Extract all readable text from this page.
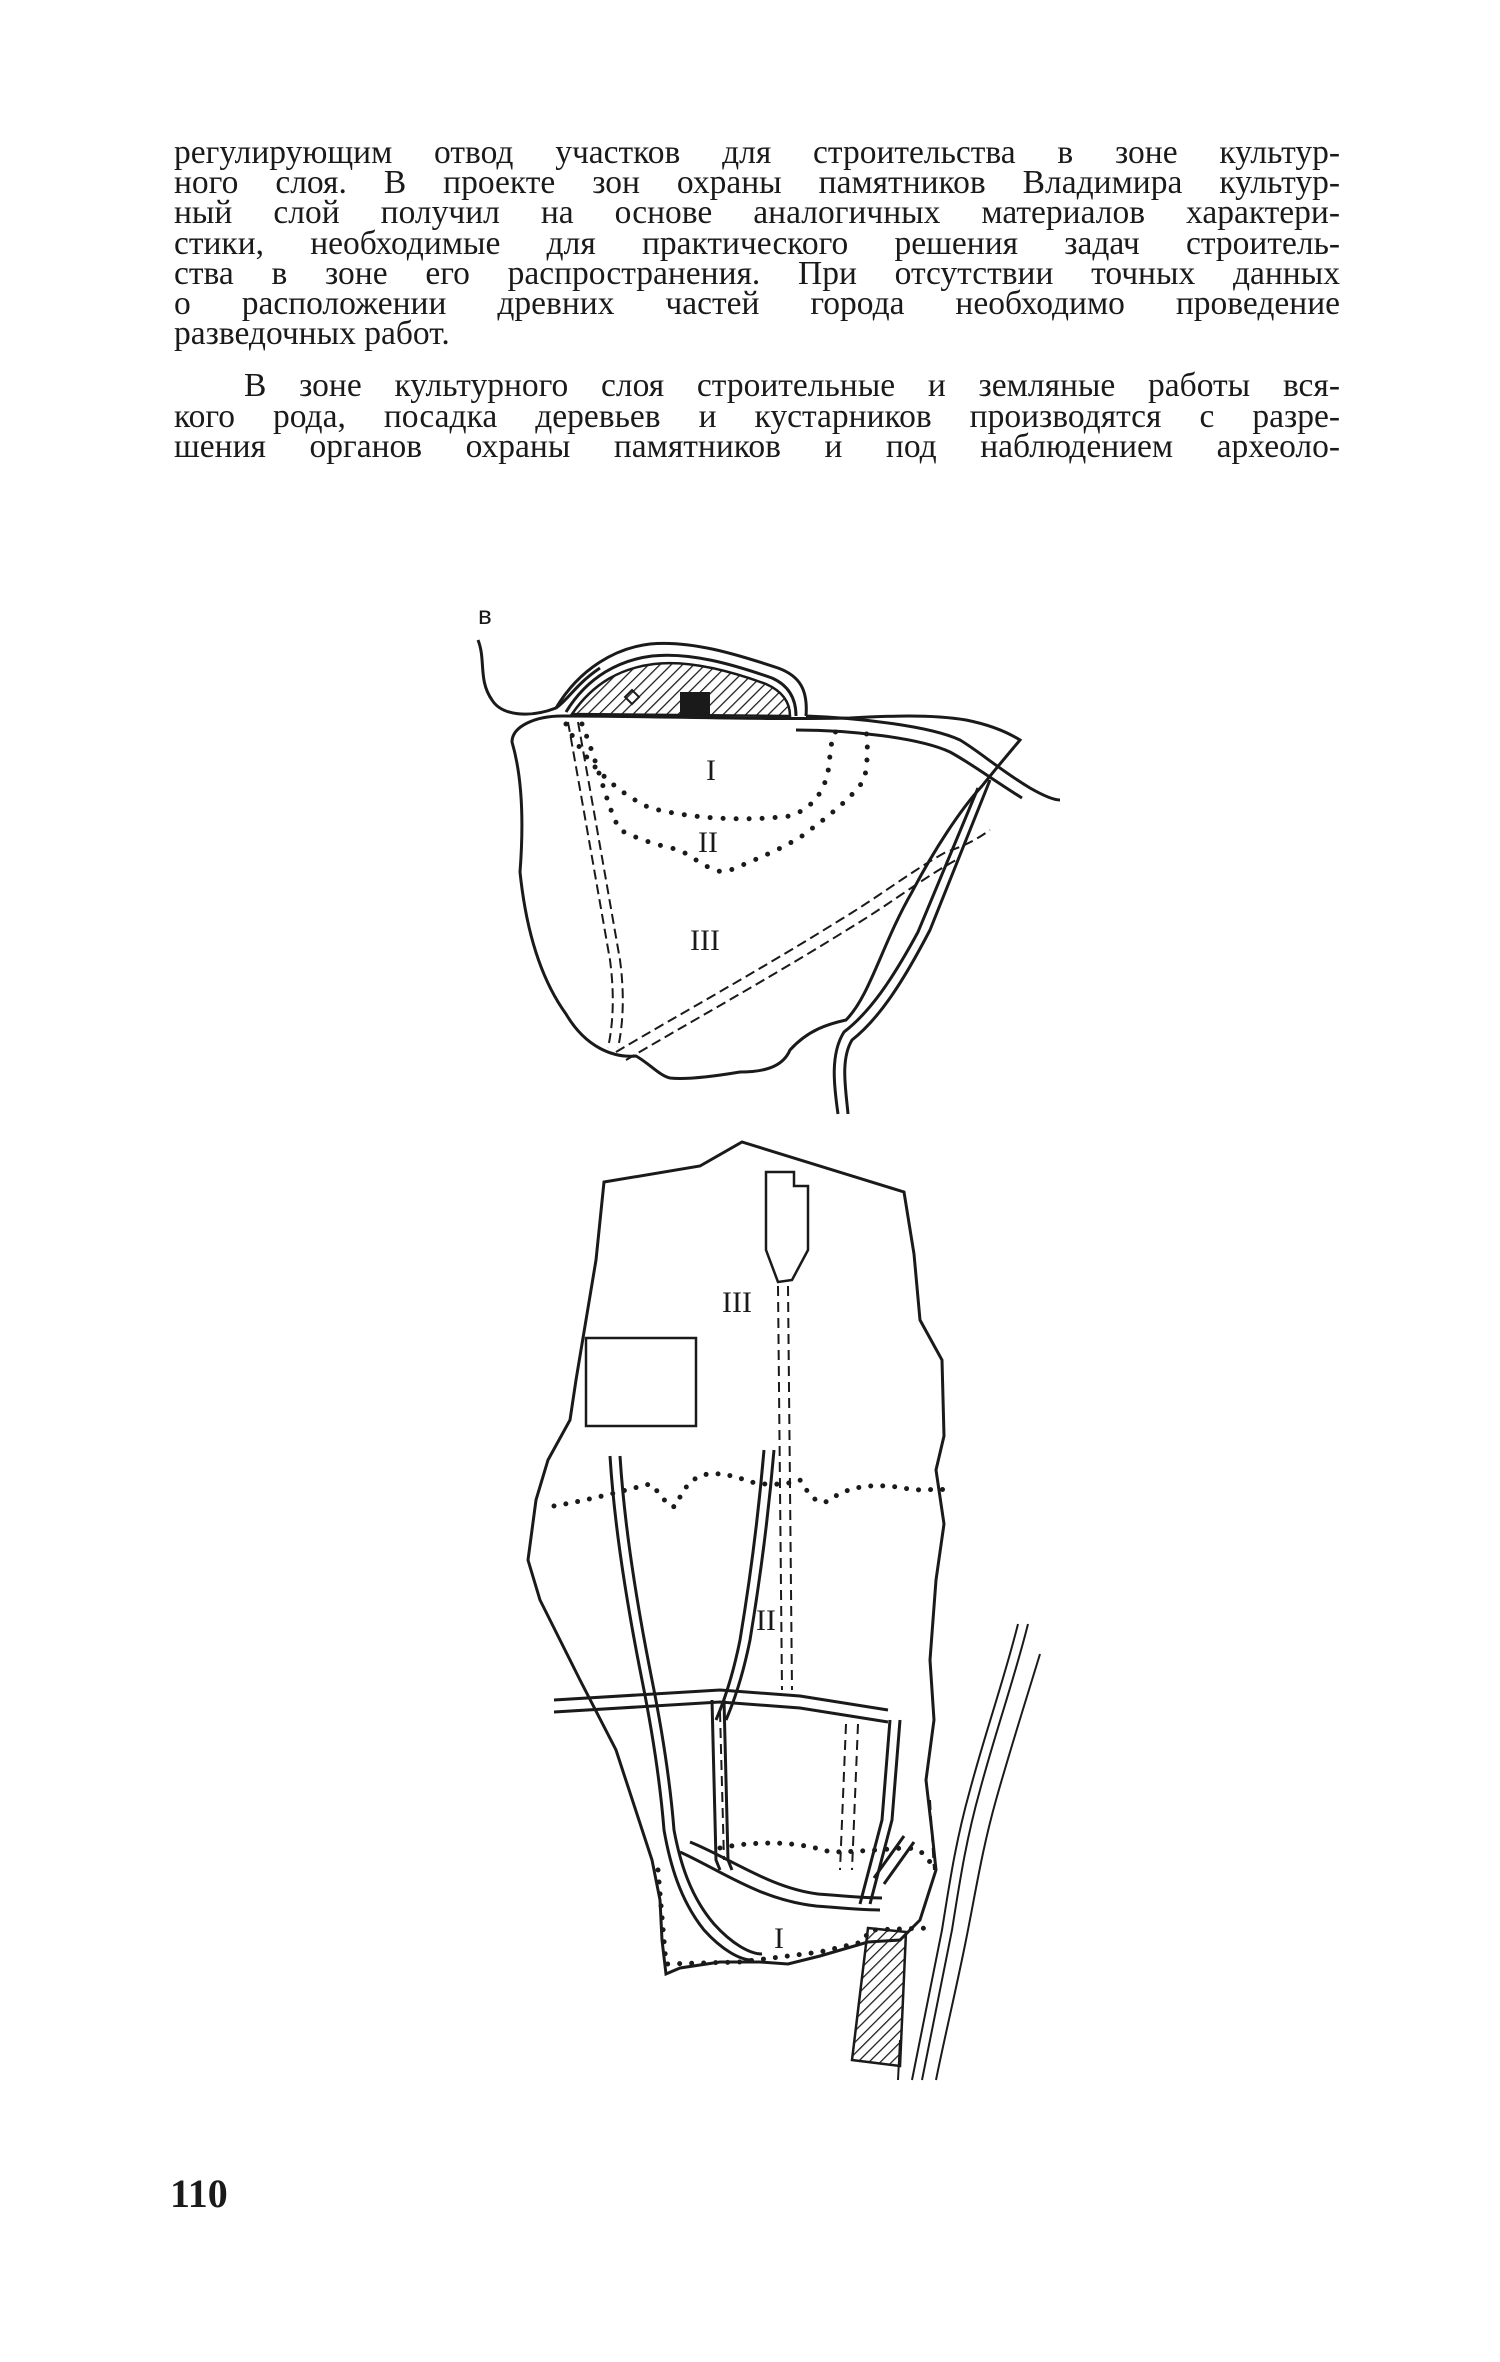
регулирующим отвод участков для строительства в зоне культур-
ного слоя. В проекте зон охраны памятников Владимира культур-
ный слой получил на основе аналогичных материалов характери-
стики, необходимые для практического решения задач строитель-
ства в зоне его распространения. При отсутствии точных данных
о расположении древних частей города необходимо проведение
разведочных работ.

В зоне культурного слоя строительные и земляные работы вся-
кого рода, посадка деревьев и кустарников производятся с разре-
шения органов охраны памятников и под наблюдением археоло-

в
I
II
III
III
II
I
110
